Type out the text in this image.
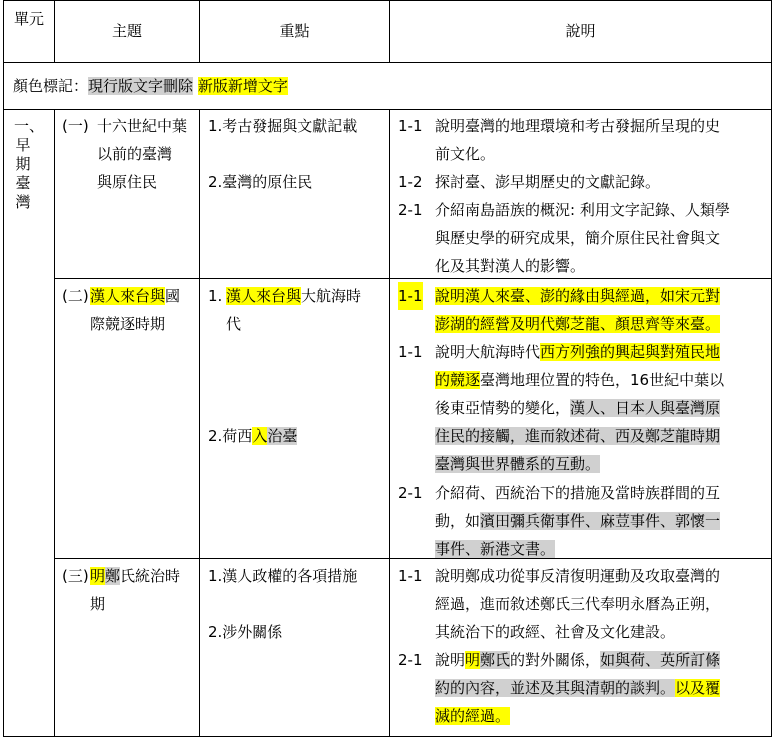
單元
主題	重點	說明
顏色標記：現行版文字刪除 新版新增文字
一、早期臺灣
(一) 十六世紀中葉
以前的臺灣
與原住民
1.考古發掘與文獻記載
2.臺灣的原住民
1-1 說明臺灣的地理環境和考古發掘所呈現的史
前文化。
1-2 探討臺、澎早期歷史的文獻記錄。
2-1 介紹南島語族的概況: 利用文字記錄、人類學
與歷史學的研究成果，簡介原住民社會與文
化及其對漢人的影響。
(二) 漢人來台與國
際競逐時期
1. 漢人來台與大航海時
代
2.荷西入治臺
1-1 說明漢人來臺、澎的緣由與經過，如宋元對
澎湖的經營及明代鄭芝龍、顏思齊等來臺。
1-1 說明大航海時代西方列強的興起與對殖民地
的競逐臺灣地理位置的特色，16世紀中葉以
後東亞情勢的變化，漢人、日本人與臺灣原
住民的接觸，進而敘述荷、西及鄭芝龍時期
臺灣與世界體系的互動。
2-1 介紹荷、西統治下的措施及當時族群間的互
動，如濱田彌兵衛事件、麻荳事件、郭懷一
事件、新港文書。
(三) 明鄭氏統治時
期
1.漢人政權的各項措施
2.涉外關係
1-1 說明鄭成功從事反清復明運動及攻取臺灣的
經過，進而敘述鄭氏三代奉明永曆為正朔，
其統治下的政經、社會及文化建設。
2-1 說明明鄭氏的對外關係，如與荷、英所訂條
約的內容，並述及其與清朝的談判。以及覆
滅的經過。
